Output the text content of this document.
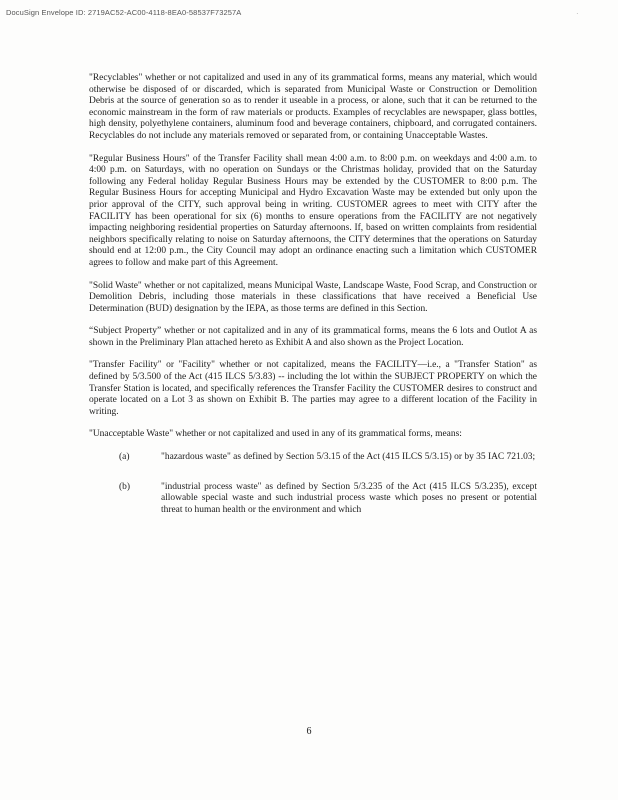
DocuSign Envelope ID: 2719AC52-AC00-4118-8EA0-58537F73257A	.

"Recyclables" whether or not capitalized and used in any of its grammatical forms, means any material, which would otherwise be disposed of or discarded, which is separated from Municipal Waste or Construction or Demolition Debris at the source of generation so as to render it useable in a process, or alone, such that it can be returned to the economic mainstream in the form of raw materials or products. Examples of recyclables are newspaper, glass bottles, high density, polyethylene containers, aluminum food and beverage containers, chipboard, and corrugated containers. Recyclables do not include any materials removed or separated from, or containing Unacceptable Wastes.

"Regular Business Hours" of the Transfer Facility shall mean 4:00 a.m. to 8:00 p.m. on weekdays and 4:00 a.m. to 4:00 p.m. on Saturdays, with no operation on Sundays or the Christmas holiday, provided that on the Saturday following any Federal holiday Regular Business Hours may be extended by the CUSTOMER to 8:00 p.m. The Regular Business Hours for accepting Municipal and Hydro Excavation Waste may be extended but only upon the prior approval of the CITY, such approval being in writing. CUSTOMER agrees to meet with CITY after the FACILITY has been operational for six (6) months to ensure operations from the FACILITY are not negatively impacting neighboring residential properties on Saturday afternoons. If, based on written complaints from residential neighbors specifically relating to noise on Saturday afternoons, the CITY determines that the operations on Saturday should end at 12:00 p.m., the City Council may adopt an ordinance enacting such a limitation which CUSTOMER agrees to follow and make part of this Agreement.

"Solid Waste" whether or not capitalized, means Municipal Waste, Landscape Waste, Food Scrap, and Construction or Demolition Debris, including those materials in these classifications that have received a Beneficial Use Determination (BUD) designation by the IEPA, as those terms are defined in this Section.

“Subject Property” whether or not capitalized and in any of its grammatical forms, means the 6 lots and Outlot A as shown in the Preliminary Plan attached hereto as Exhibit A and also shown as the Project Location.

"Transfer Facility" or "Facility" whether or not capitalized, means the FACILITY—i.e., a "Transfer Station" as defined by 5/3.500 of the Act (415 ILCS 5/3.83) -- including the lot within the SUBJECT PROPERTY on which the Transfer Station is located, and specifically references the Transfer Facility the CUSTOMER desires to construct and operate located on a Lot 3 as shown on Exhibit B. The parties may agree to a different location of the Facility in writing.

"Unacceptable Waste" whether or not capitalized and used in any of its grammatical forms, means:

(a)	"hazardous waste" as defined by Section 5/3.15 of the Act (415 ILCS 5/3.15) or by 35 IAC 721.03;
(b)	"industrial process waste" as defined by Section 5/3.235 of the Act (415 ILCS 5/3.235), except allowable special waste and such industrial process waste which poses no present or potential threat to human health or the environment and which
6
